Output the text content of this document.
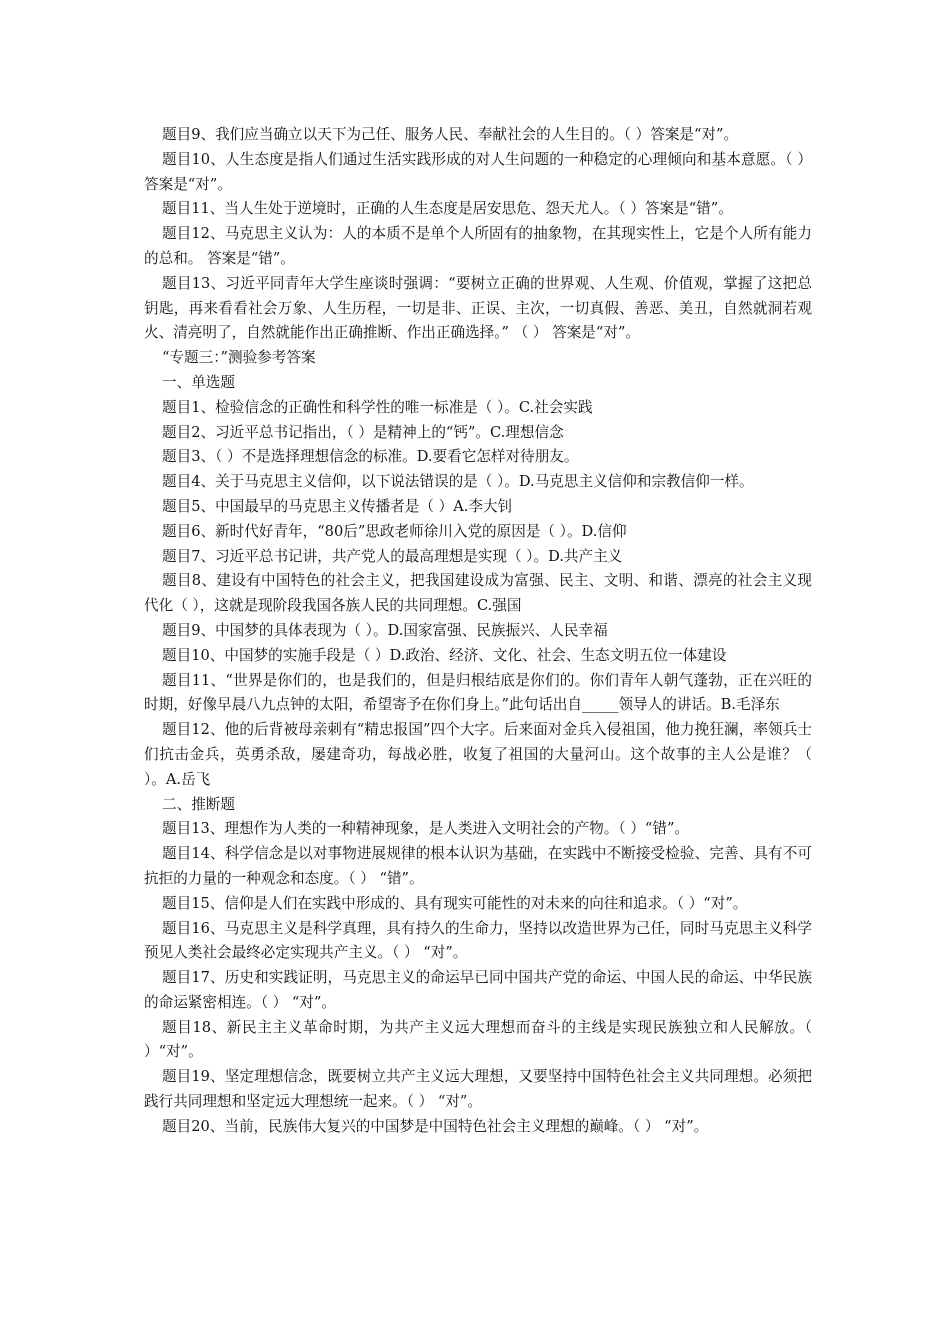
题目9、我们应当确立以天下为己任、服务人民、奉献社会的人生目的。（ ）答案是“对”。

题目10、人生态度是指人们通过生活实践形成的对人生问题的一种稳定的心理倾向和基本意愿。（ ）答案是“对”。

题目11、当人生处于逆境时，正确的人生态度是居安思危、怨天尤人。（ ）答案是“错”。

题目12、马克思主义认为：人的本质不是单个人所固有的抽象物，在其现实性上，它是个人所有能力的总和。 答案是“错”。

题目13、习近平同青年大学生座谈时强调：“要树立正确的世界观、人生观、价值观，掌握了这把总钥匙，再来看看社会万象、人生历程，一切是非、正误、主次，一切真假、善恶、美丑，自然就洞若观火、清亮明了，自然就能作出正确推断、作出正确选择。” （ ） 答案是“对”。

“专题三：”测验参考答案

一、单选题

题目1、检验信念的正确性和科学性的唯一标准是（ ）。C.社会实践

题目2、习近平总书记指出，（ ）是精神上的“钙”。C.理想信念

题目3、（ ）不是选择理想信念的标准。D.要看它怎样对待朋友。

题目4、关于马克思主义信仰，以下说法错误的是（ ）。D.马克思主义信仰和宗教信仰一样。

题目5、中国最早的马克思主义传播者是（ ）A.李大钊

题目6、新时代好青年，“80后”思政老师徐川入党的原因是（ ）。D.信仰

题目7、习近平总书记讲，共产党人的最高理想是实现（ ）。D.共产主义

题目8、建设有中国特色的社会主义，把我国建设成为富强、民主、文明、和谐、漂亮的社会主义现代化（ ），这就是现阶段我国各族人民的共同理想。C.强国

题目9、中国梦的具体表现为（ ）。D.国家富强、民族振兴、人民幸福

题目10、中国梦的实施手段是（ ）D.政治、经济、文化、社会、生态文明五位一体建设

题目11、“世界是你们的，也是我们的，但是归根结底是你们的。你们青年人朝气蓬勃，正在兴旺的时期，好像早晨八九点钟的太阳，希望寄予在你们身上。”此句话出自_____领导人的讲话。B.毛泽东

题目12、他的后背被母亲刺有“精忠报国”四个大字。后来面对金兵入侵祖国，他力挽狂澜，率领兵士们抗击金兵，英勇杀敌，屡建奇功，每战必胜，收复了祖国的大量河山。这个故事的主人公是谁？（ ）。A.岳飞

二、推断题

题目13、理想作为人类的一种精神现象，是人类进入文明社会的产物。（ ）“错”。

题目14、科学信念是以对事物进展规律的根本认识为基础，在实践中不断接受检验、完善、具有不可抗拒的力量的一种观念和态度。（ ） “错”。

题目15、信仰是人们在实践中形成的、具有现实可能性的对未来的向往和追求。（ ）“对”。

题目16、马克思主义是科学真理，具有持久的生命力，坚持以改造世界为己任，同时马克思主义科学预见人类社会最终必定实现共产主义。（ ） “对”。

题目17、历史和实践证明，马克思主义的命运早已同中国共产党的命运、中国人民的命运、中华民族的命运紧密相连。（ ） “对”。

题目18、新民主主义革命时期，为共产主义远大理想而奋斗的主线是实现民族独立和人民解放。（ ）“对”。

题目19、坚定理想信念，既要树立共产主义远大理想，又要坚持中国特色社会主义共同理想。必须把践行共同理想和坚定远大理想统一起来。（ ） “对”。

题目20、当前，民族伟大复兴的中国梦是中国特色社会主义理想的巅峰。（ ） “对”。
